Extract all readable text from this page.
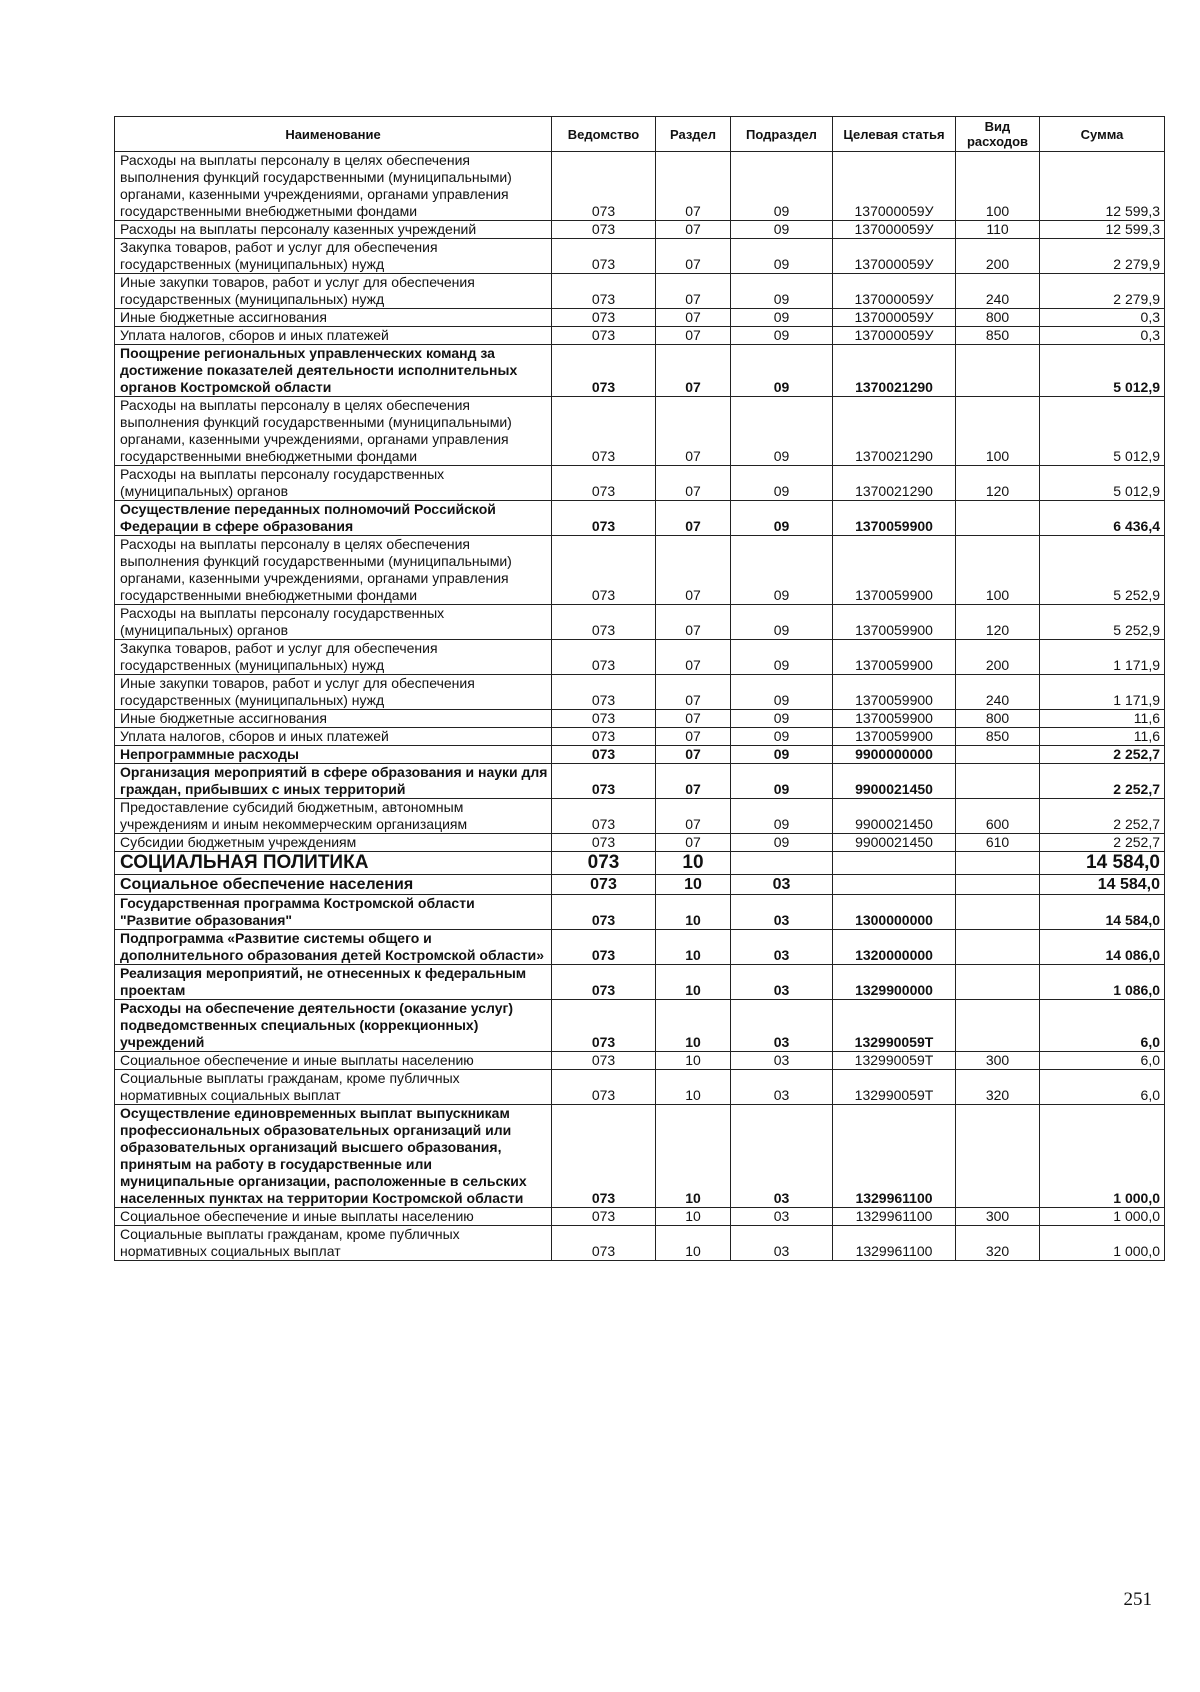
Наименование	Ведомство	Раздел	Подраздел	Целевая статья	Вид расходов	Сумма
Расходы на выплаты персоналу в целях обеспечения выполнения функций государственными (муниципальными) органами, казенными учреждениями, органами управления государственными внебюджетными фондами	073	07	09	137000059У	100	12 599,3
Расходы на выплаты персоналу казенных учреждений	073	07	09	137000059У	110	12 599,3
Закупка товаров, работ и услуг для обеспечения государственных (муниципальных) нужд	073	07	09	137000059У	200	2 279,9
Иные закупки товаров, работ и услуг для обеспечения государственных (муниципальных) нужд	073	07	09	137000059У	240	2 279,9
Иные бюджетные ассигнования	073	07	09	137000059У	800	0,3
Уплата налогов, сборов и иных платежей	073	07	09	137000059У	850	0,3
Поощрение региональных управленческих команд за достижение показателей деятельности исполнительных органов Костромской области	073	07	09	1370021290		5 012,9
Расходы на выплаты персоналу в целях обеспечения выполнения функций государственными (муниципальными) органами, казенными учреждениями, органами управления государственными внебюджетными фондами	073	07	09	1370021290	100	5 012,9
Расходы на выплаты персоналу государственных (муниципальных) органов	073	07	09	1370021290	120	5 012,9
Осуществление переданных полномочий Российской Федерации в сфере образования	073	07	09	1370059900		6 436,4
Расходы на выплаты персоналу в целях обеспечения выполнения функций государственными (муниципальными) органами, казенными учреждениями, органами управления государственными внебюджетными фондами	073	07	09	1370059900	100	5 252,9
Расходы на выплаты персоналу государственных (муниципальных) органов	073	07	09	1370059900	120	5 252,9
Закупка товаров, работ и услуг для обеспечения государственных (муниципальных) нужд	073	07	09	1370059900	200	1 171,9
Иные закупки товаров, работ и услуг для обеспечения государственных (муниципальных) нужд	073	07	09	1370059900	240	1 171,9
Иные бюджетные ассигнования	073	07	09	1370059900	800	11,6
Уплата налогов, сборов и иных платежей	073	07	09	1370059900	850	11,6
Непрограммные расходы	073	07	09	9900000000		2 252,7
Организация мероприятий в сфере образования и науки для граждан, прибывших с иных территорий	073	07	09	9900021450		2 252,7
Предоставление субсидий бюджетным, автономным учреждениям и иным некоммерческим организациям	073	07	09	9900021450	600	2 252,7
Субсидии бюджетным учреждениям	073	07	09	9900021450	610	2 252,7
СОЦИАЛЬНАЯ ПОЛИТИКА	073	10				14 584,0
Социальное обеспечение населения	073	10	03			14 584,0
Государственная программа Костромской области "Развитие образования"	073	10	03	1300000000		14 584,0
Подпрограмма «Развитие системы общего и дополнительного образования детей Костромской области»	073	10	03	1320000000		14 086,0
Реализация мероприятий, не отнесенных к федеральным проектам	073	10	03	1329900000		1 086,0
Расходы на обеспечение деятельности (оказание услуг) подведомственных специальных (коррекционных) учреждений	073	10	03	132990059Т		6,0
Социальное обеспечение и иные выплаты населению	073	10	03	132990059Т	300	6,0
Социальные выплаты гражданам, кроме публичных нормативных социальных выплат	073	10	03	132990059Т	320	6,0
Осуществление единовременных выплат выпускникам профессиональных образовательных организаций или образовательных организаций высшего образования, принятым на работу в государственные или муниципальные организации, расположенные в сельских населенных пунктах на территории Костромской области	073	10	03	1329961100		1 000,0
Социальное обеспечение и иные выплаты населению	073	10	03	1329961100	300	1 000,0
Социальные выплаты гражданам, кроме публичных нормативных социальных выплат	073	10	03	1329961100	320	1 000,0
251
